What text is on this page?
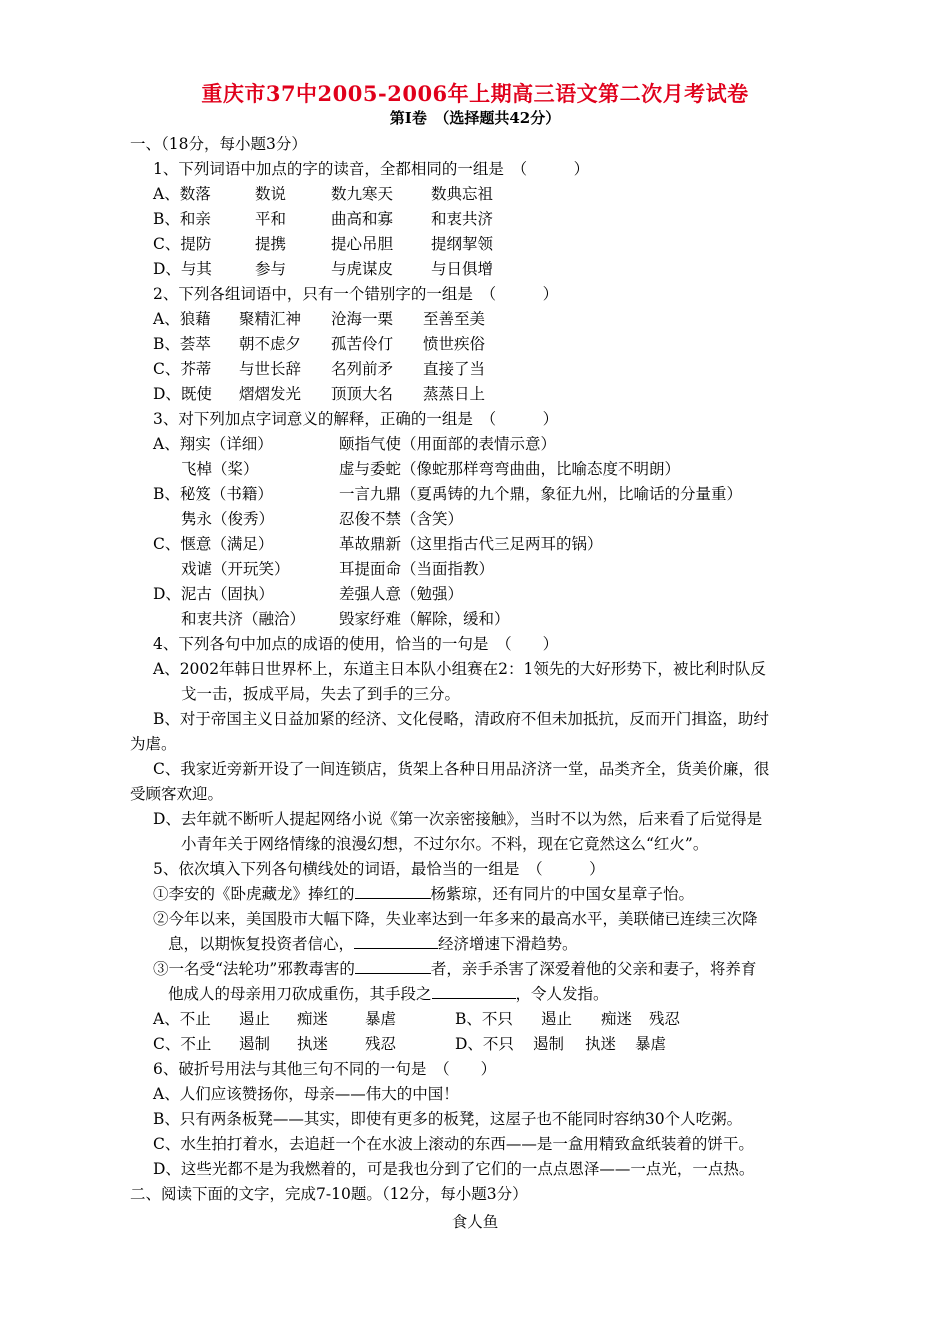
重庆市37中2005-2006年上期高三语文第二次月考试卷
第Ⅰ卷　（选择题共42分）
一、（18分，每小题3分）
1、下列词语中加点的字的读音，全都相同的一组是　（　　　）
A、数落	数说	数九寒天	数典忘祖
B、和亲	平和	曲高和寡	和衷共济
C、提防	提携	提心吊胆	提纲挈领
D、与其	参与	与虎谋皮	与日俱增
2、下列各组词语中，只有一个错别字的一组是　（　　　）
A、狼藉	聚精汇神	沧海一栗	至善至美
B、荟萃	朝不虑夕	孤苦伶仃	愤世疾俗
C、芥蒂	与世长辞	名列前矛	直接了当
D、既使	熠熠发光	顶顶大名	蒸蒸日上
3、对下列加点字词意义的解释，正确的一组是　（　　　）
A、翔实（详细）	颐指气使（用面部的表情示意）
飞棹（桨）	虚与委蛇（像蛇那样弯弯曲曲，比喻态度不明朗）
B、秘笈（书籍）	一言九鼎（夏禹铸的九个鼎，象征九州，比喻话的分量重）
隽永（俊秀）	忍俊不禁（含笑）
C、惬意（满足）	革故鼎新（这里指古代三足两耳的锅）
戏谑（开玩笑）	耳提面命（当面指教）
D、泥古（固执）	差强人意（勉强）
和衷共济（融洽）	毁家纾难（解除，缓和）
4、下列各句中加点的成语的使用，恰当的一句是　（　　）
A、2002年韩日世界杯上，东道主日本队小组赛在2：1领先的大好形势下，被比利时队反
戈一击，扳成平局，失去了到手的三分。
B、对于帝国主义日益加紧的经济、文化侵略，清政府不但未加抵抗，反而开门揖盗，助纣
为虐。
C、我家近旁新开设了一间连锁店，货架上各种日用品济济一堂，品类齐全，货美价廉，很
受顾客欢迎。
D、去年就不断听人提起网络小说《第一次亲密接触》，当时不以为然，后来看了后觉得是
小青年关于网络情缘的浪漫幻想，不过尔尔。不料，现在它竟然这么“红火”。
5、依次填入下列各句横线处的词语，最恰当的一组是　（　　　）
①李安的《卧虎藏龙》捧红的	杨紫琼，还有同片的中国女星章子怡。
②今年以来，美国股市大幅下降，失业率达到一年多来的最高水平，美联储已连续三次降
息，以期恢复投资者信心，	经济增速下滑趋势。
③一名受“法轮功”邪教毒害的	者，亲手杀害了深爱着他的父亲和妻子，将养育
他成人的母亲用刀砍成重伤，其手段之	，令人发指。
A、不止	遏止	痴迷	暴虐	B、不只	遏止	痴迷	残忍
C、不止	遏制	执迷	残忍	D、不只	遏制	执迷	暴虐
6、破折号用法与其他三句不同的一句是　（　　）
A、人们应该赞扬你，母亲——伟大的中国！
B、只有两条板凳——其实，即使有更多的板凳，这屋子也不能同时容纳30个人吃粥。
C、水生拍打着水，去追赶一个在水波上滚动的东西——是一盒用精致盒纸装着的饼干。
D、这些光都不是为我燃着的，可是我也分到了它们的一点点恩泽——一点光，一点热。
二、阅读下面的文字，完成7-10题。（12分，每小题3分）
食人鱼
